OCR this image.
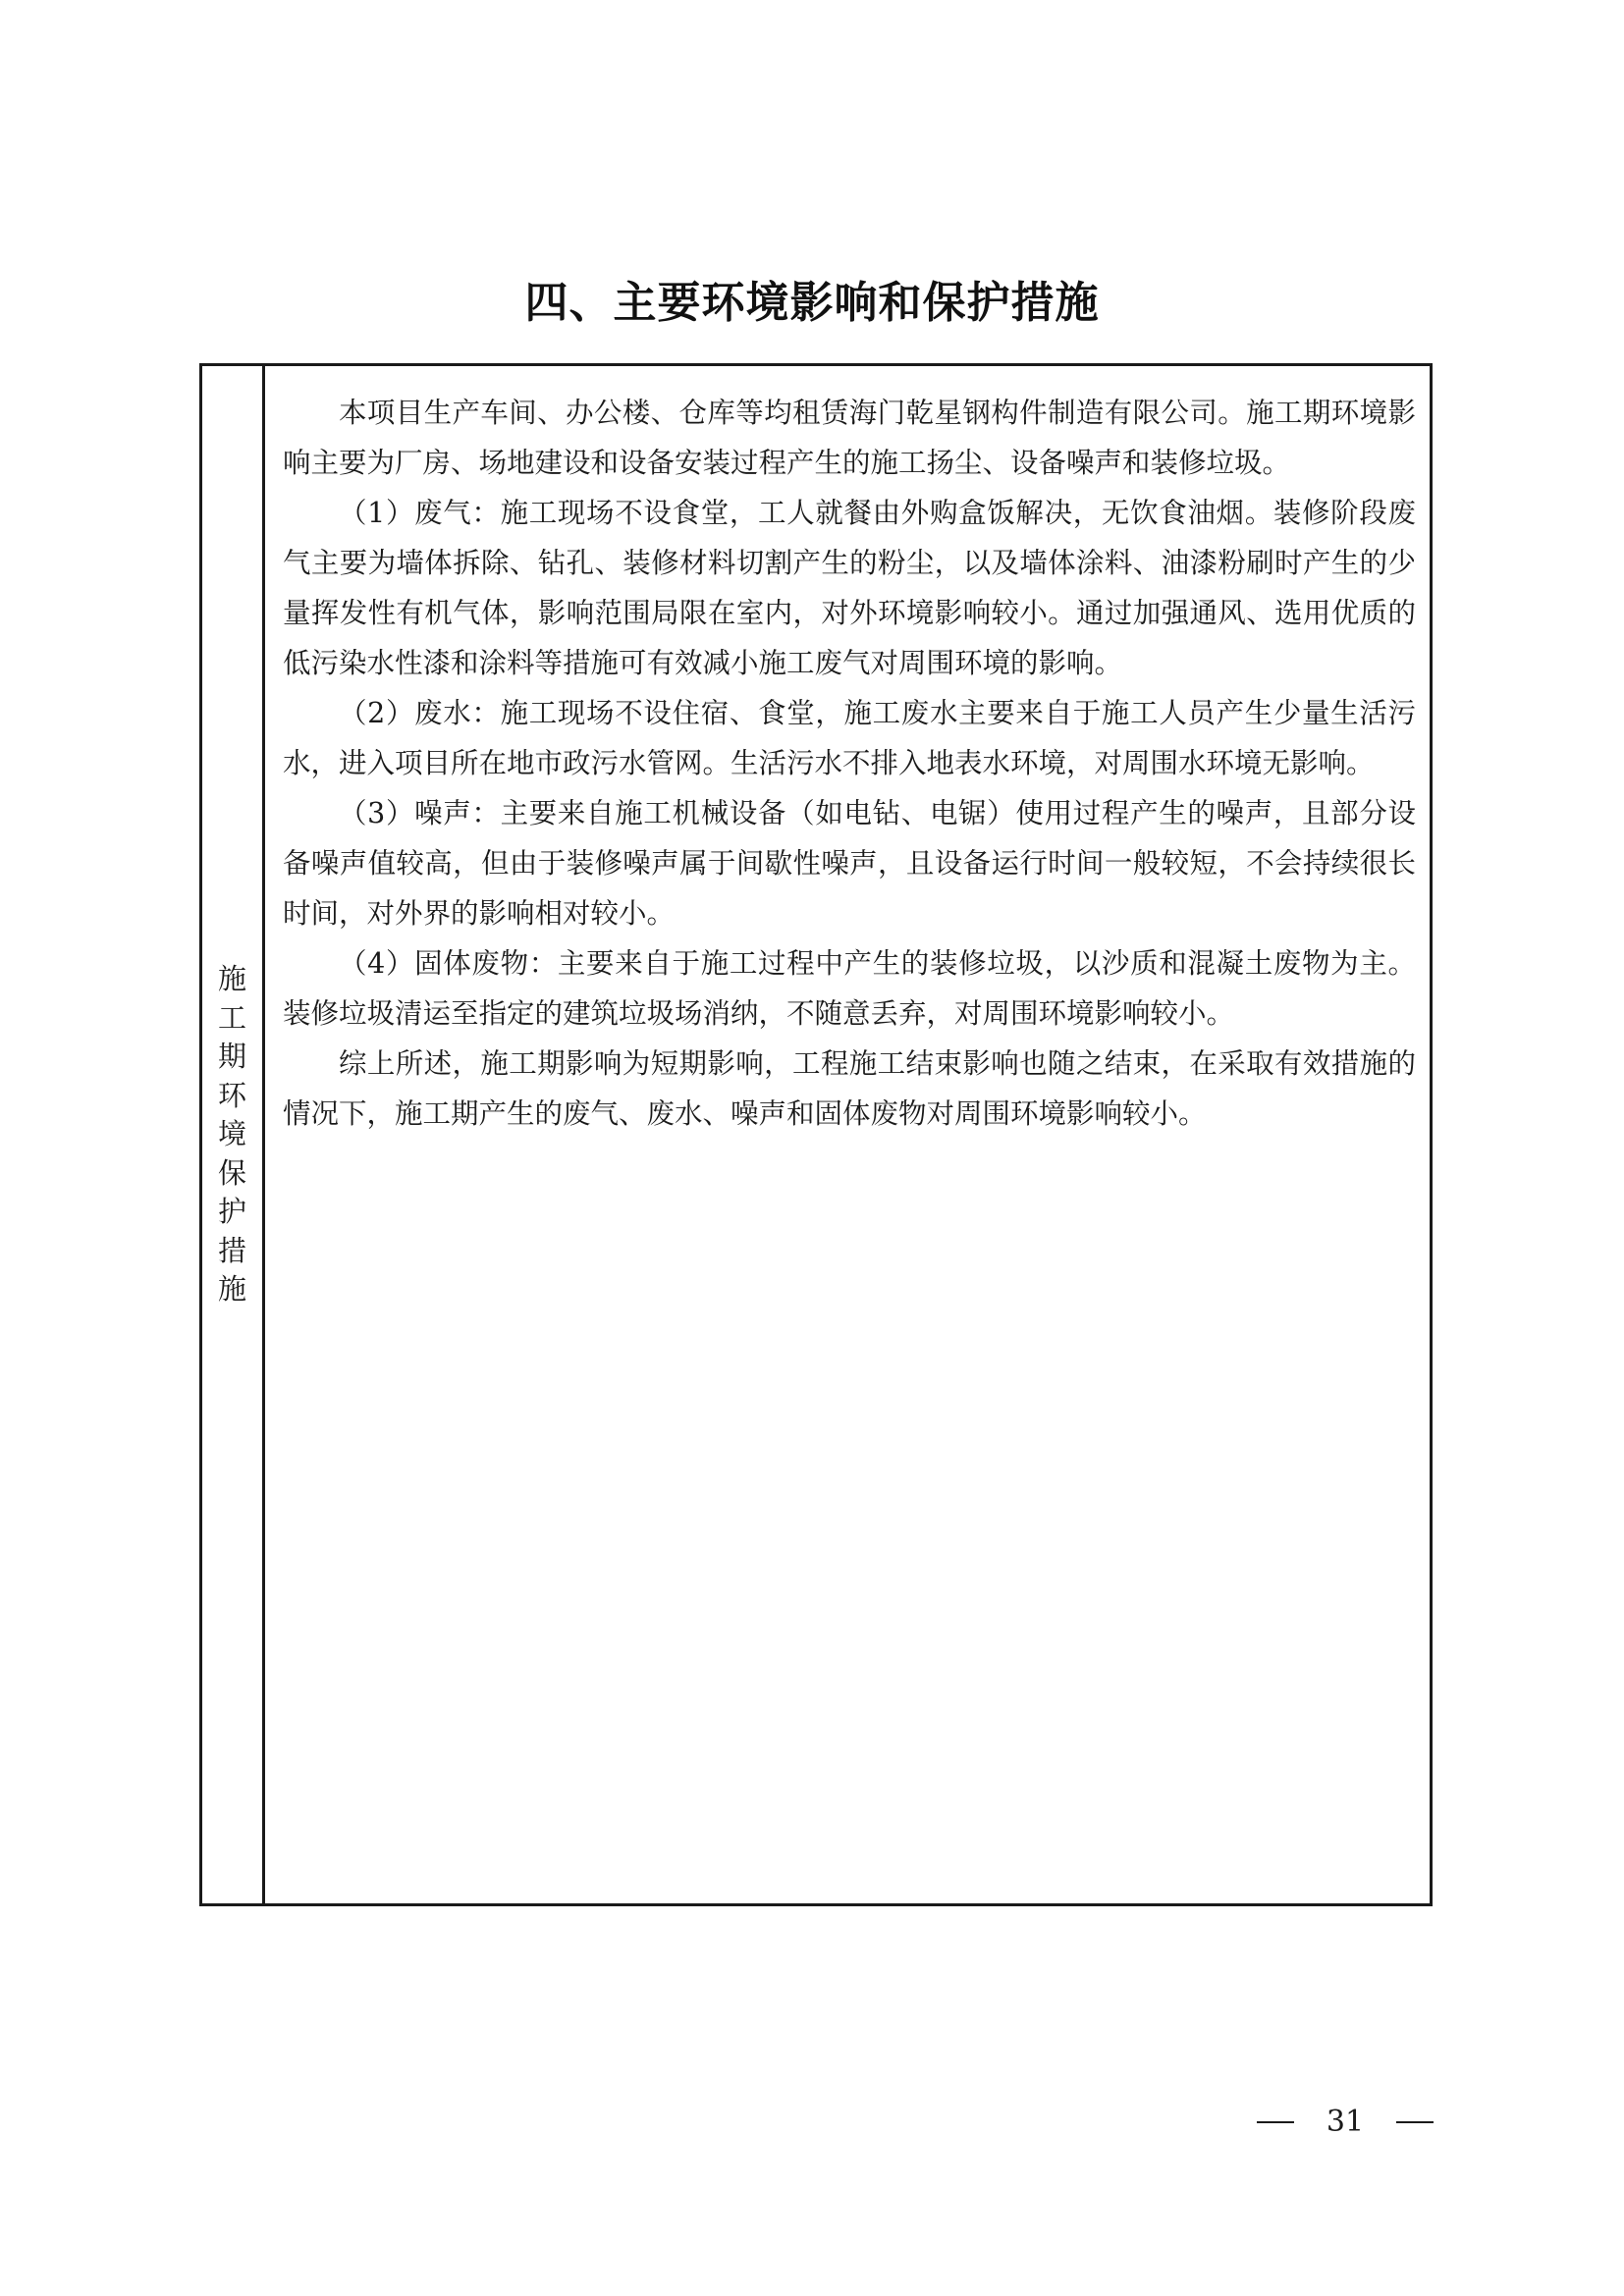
四、主要环境影响和保护措施
施
工
期
环
境
保
护
措
施

本项目生产车间、办公楼、仓库等均租赁海门乾星钢构件制造有限公司。施工期环境影响主要为厂房、场地建设和设备安装过程产生的施工扬尘、设备噪声和装修垃圾。

（1）废气：施工现场不设食堂，工人就餐由外购盒饭解决，无饮食油烟。装修阶段废气主要为墙体拆除、钻孔、装修材料切割产生的粉尘，以及墙体涂料、油漆粉刷时产生的少量挥发性有机气体，影响范围局限在室内，对外环境影响较小。通过加强通风、选用优质的低污染水性漆和涂料等措施可有效减小施工废气对周围环境的影响。

（2）废水：施工现场不设住宿、食堂，施工废水主要来自于施工人员产生少量生活污水，进入项目所在地市政污水管网。生活污水不排入地表水环境，对周围水环境无影响。

（3）噪声：主要来自施工机械设备（如电钻、电锯）使用过程产生的噪声，且部分设备噪声值较高，但由于装修噪声属于间歇性噪声，且设备运行时间一般较短，不会持续很长时间，对外界的影响相对较小。

（4）固体废物：主要来自于施工过程中产生的装修垃圾，以沙质和混凝土废物为主。装修垃圾清运至指定的建筑垃圾场消纳，不随意丢弃，对周围环境影响较小。

综上所述，施工期影响为短期影响，工程施工结束影响也随之结束，在采取有效措施的情况下，施工期产生的废气、废水、噪声和固体废物对周围环境影响较小。

31
